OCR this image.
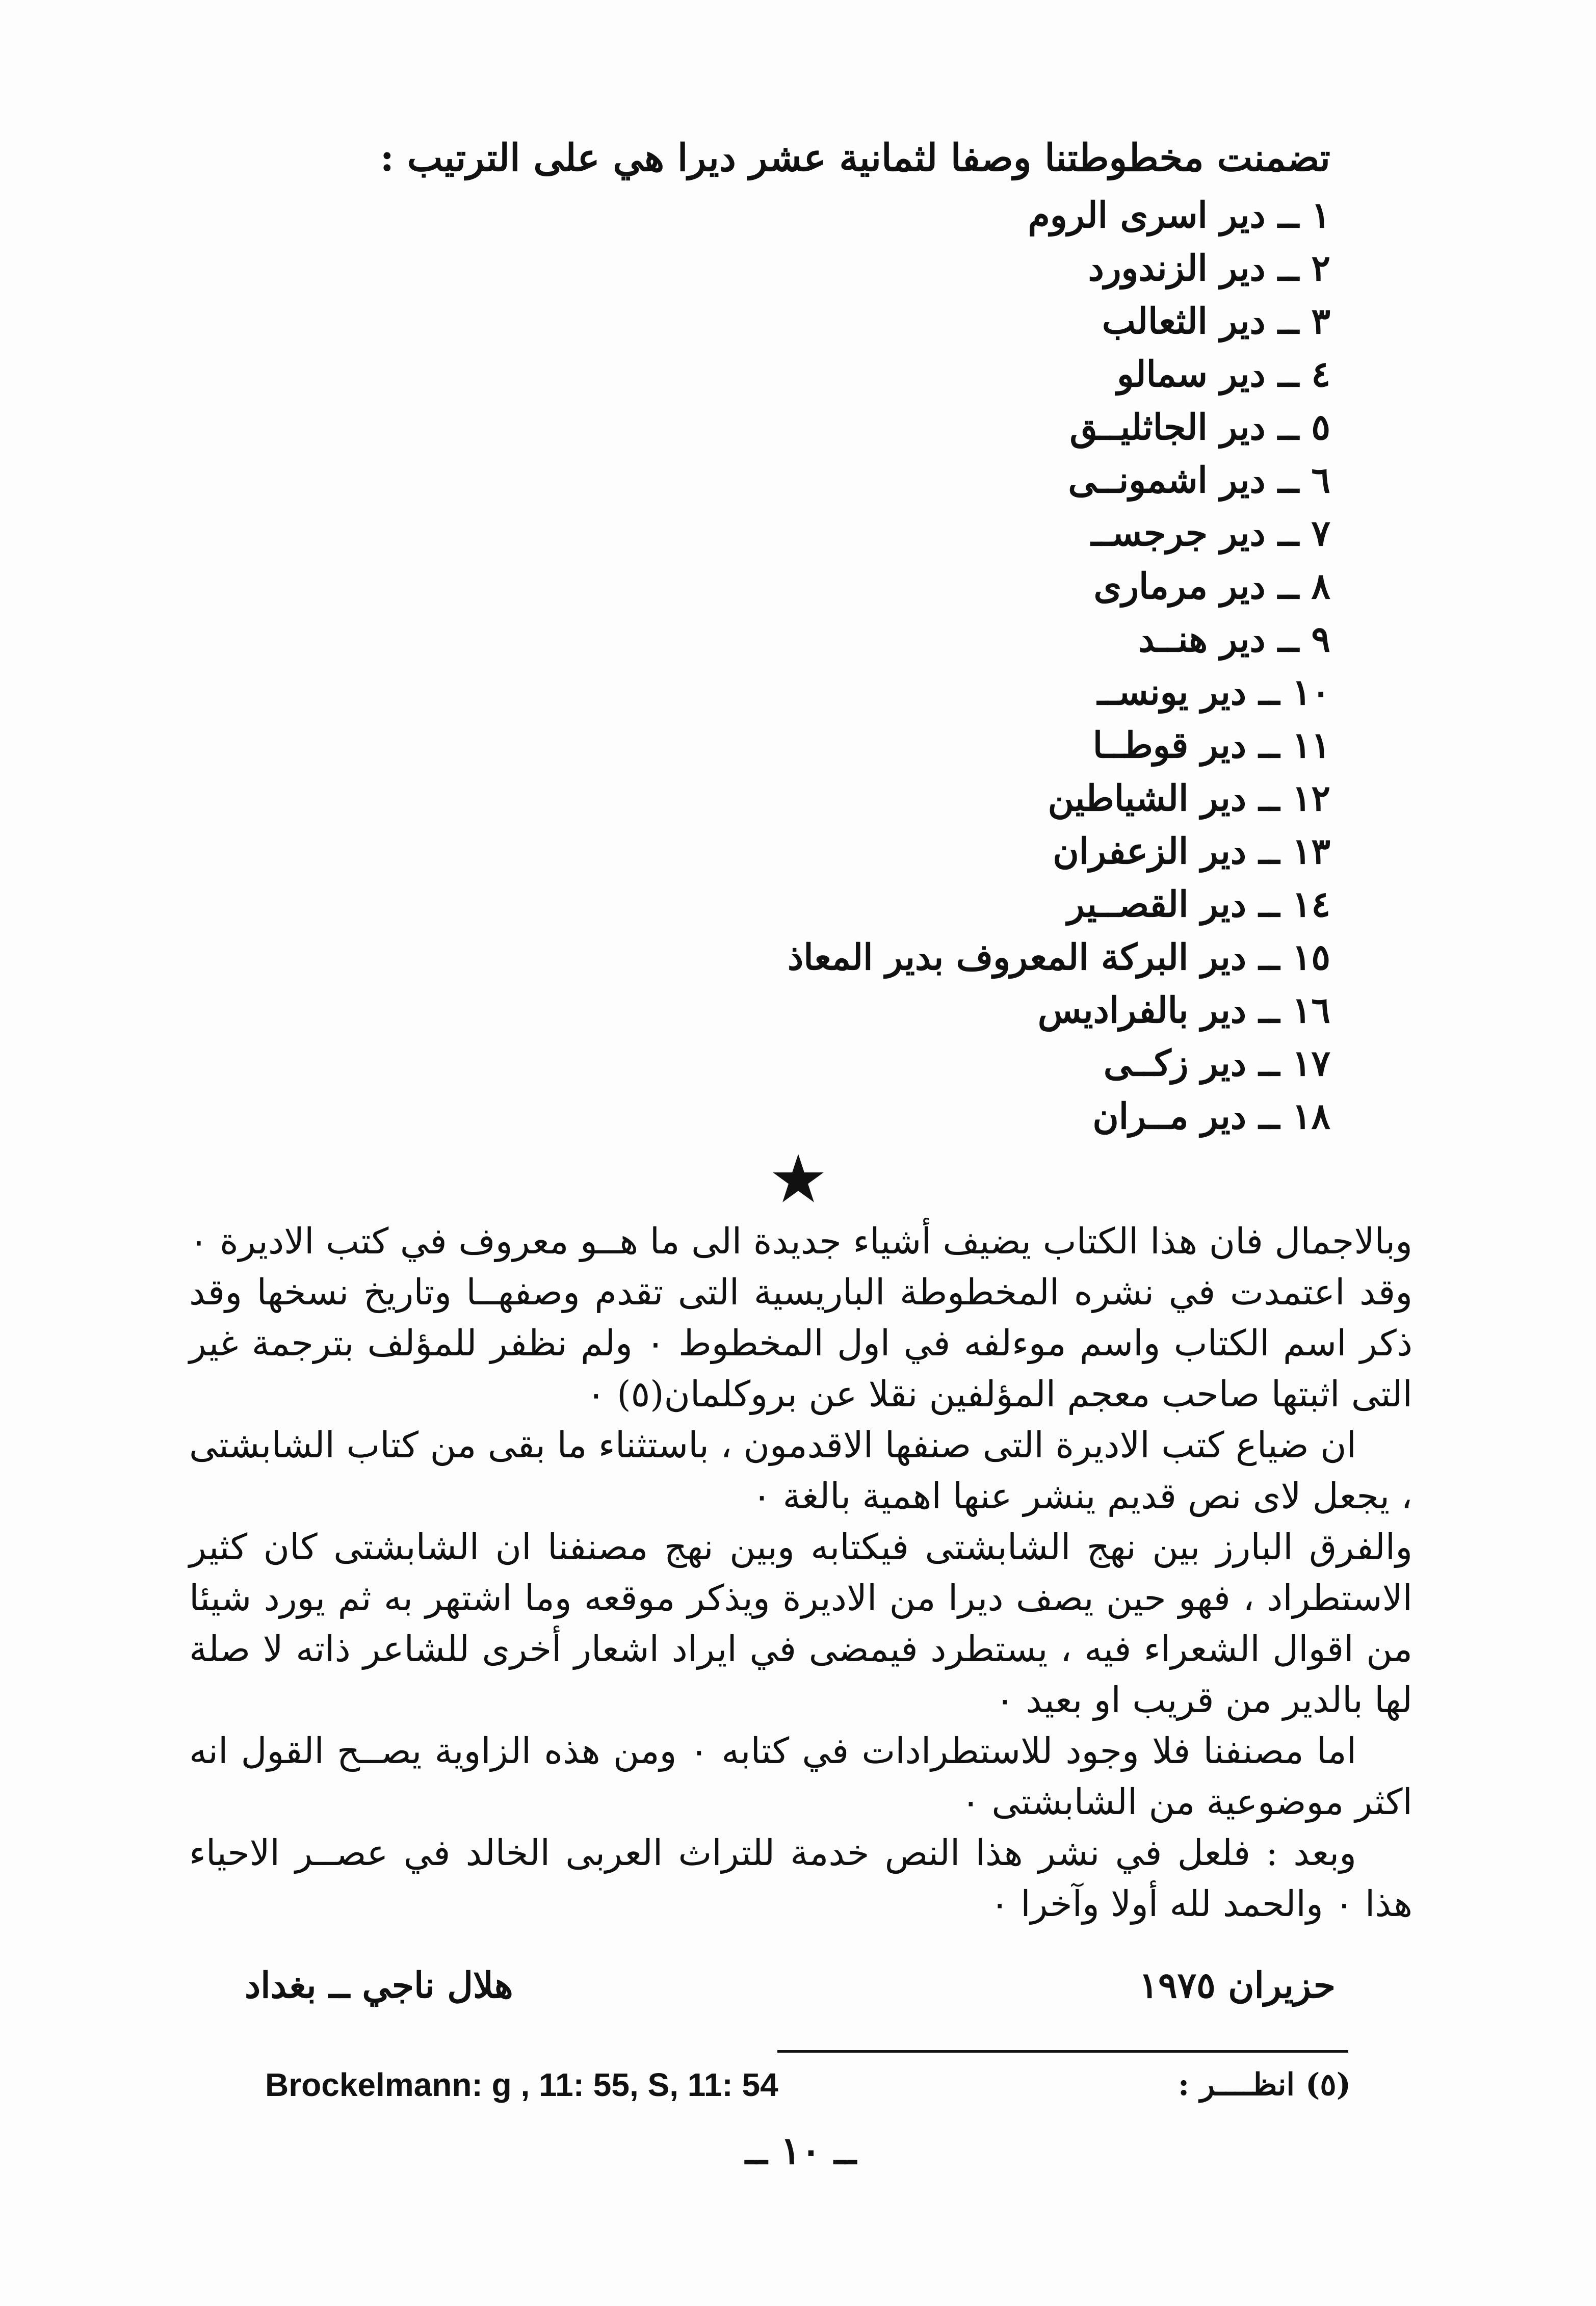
تضمنت مخطوطتنا وصفا لثمانية عشر ديرا هي على الترتيب :

١ ــ دير اسرى الروم
٢ ــ دير الزندورد
٣ ــ دير الثعالب
٤ ــ دير سمالو
٥ ــ دير الجاثليــق
٦ ــ دير اشمونــى
٧ ــ دير جرجســ
٨ ــ دير مرمارى
٩ ــ دير هنــد
١٠ ــ دير يونســ
١١ ــ دير قوطــا
١٢ ــ دير الشياطين
١٣ ــ دير الزعفران
١٤ ــ دير القصــير
١٥ ــ دير البركة المعروف بدير المعاذ
١٦ ــ دير بالفراديس
١٧ ــ دير زكــى
١٨ ــ دير مــران
★

وبالاجمال فان هذا الكتاب يضيف أشياء جديدة الى ما هــو معروف في كتب الاديرة ٠ وقد اعتمدت في نشره المخطوطة الباريسية التى تقدم وصفهــا وتاريخ نسخها وقد ذكر اسم الكتاب واسم موءلفه في اول المخطوط ٠ ولم نظفر للمؤلف بترجمة غير التى اثبتها صاحب معجم المؤلفين نقلا عن بروكلمان(٥) ٠

ان ضياع كتب الاديرة التى صنفها الاقدمون ، باستثناء ما بقى من كتاب الشابشتى ، يجعل لاى نص قديم ينشر عنها اهمية بالغة ٠

والفرق البارز بين نهج الشابشتى فيكتابه وبين نهج مصنفنا ان الشابشتى كان كثير الاستطراد ، فهو حين يصف ديرا من الاديرة ويذكر موقعه وما اشتهر به ثم يورد شيئا من اقوال الشعراء فيه ، يستطرد فيمضى في ايراد اشعار أخرى للشاعر ذاته لا صلة لها بالدير من قريب او بعيد ٠

اما مصنفنا فلا وجود للاستطرادات في كتابه ٠ ومن هذه الزاوية يصــح القول انه اكثر موضوعية من الشابشتى ٠

وبعد : فلعل في نشر هذا النص خدمة للتراث العربى الخالد في عصــر الاحياء هذا ٠ والحمد لله أولا وآخرا ٠

حزيران ١٩٧٥
هلال ناجي ــ بغداد
(٥) انظــــر :
Brockelmann: g , 11: 55, S, 11: 54
ــ ١٠ ــ
